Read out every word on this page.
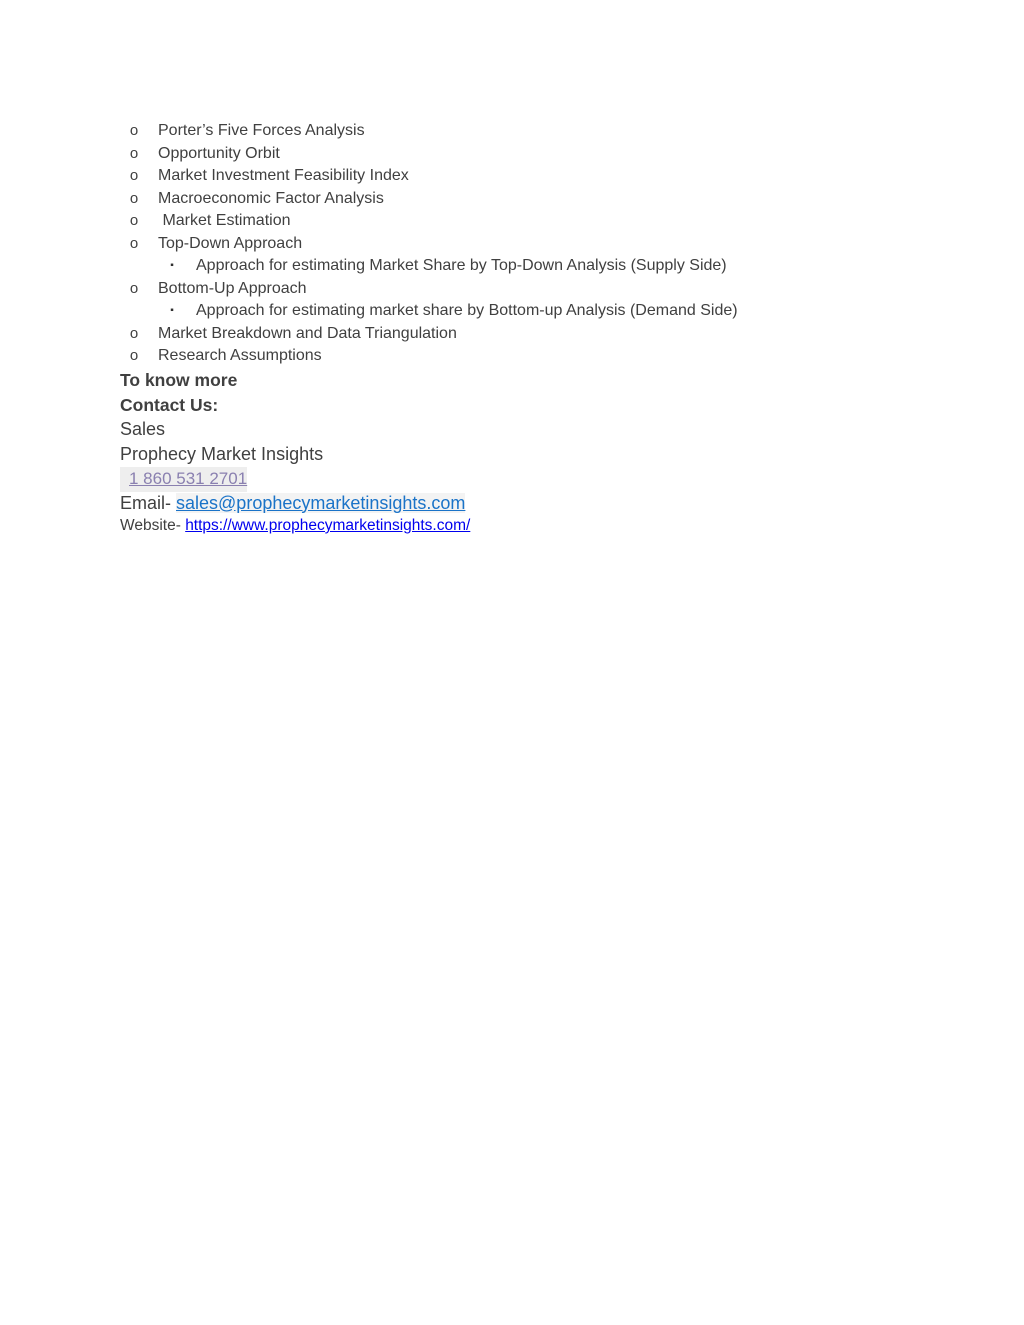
o Porter’s Five Forces Analysis
o Opportunity Orbit
o Market Investment Feasibility Index
o Macroeconomic Factor Analysis
o Market Estimation
o Top-Down Approach
▪ Approach for estimating Market Share by Top-Down Analysis (Supply Side)
o Bottom-Up Approach
▪ Approach for estimating market share by Bottom-up Analysis (Demand Side)
o Market Breakdown and Data Triangulation
o Research Assumptions
To know more
Contact Us:
Sales
Prophecy Market Insights
1 860 531 2701
Email- sales@prophecymarketinsights.com
Website- https://www.prophecymarketinsights.com/
